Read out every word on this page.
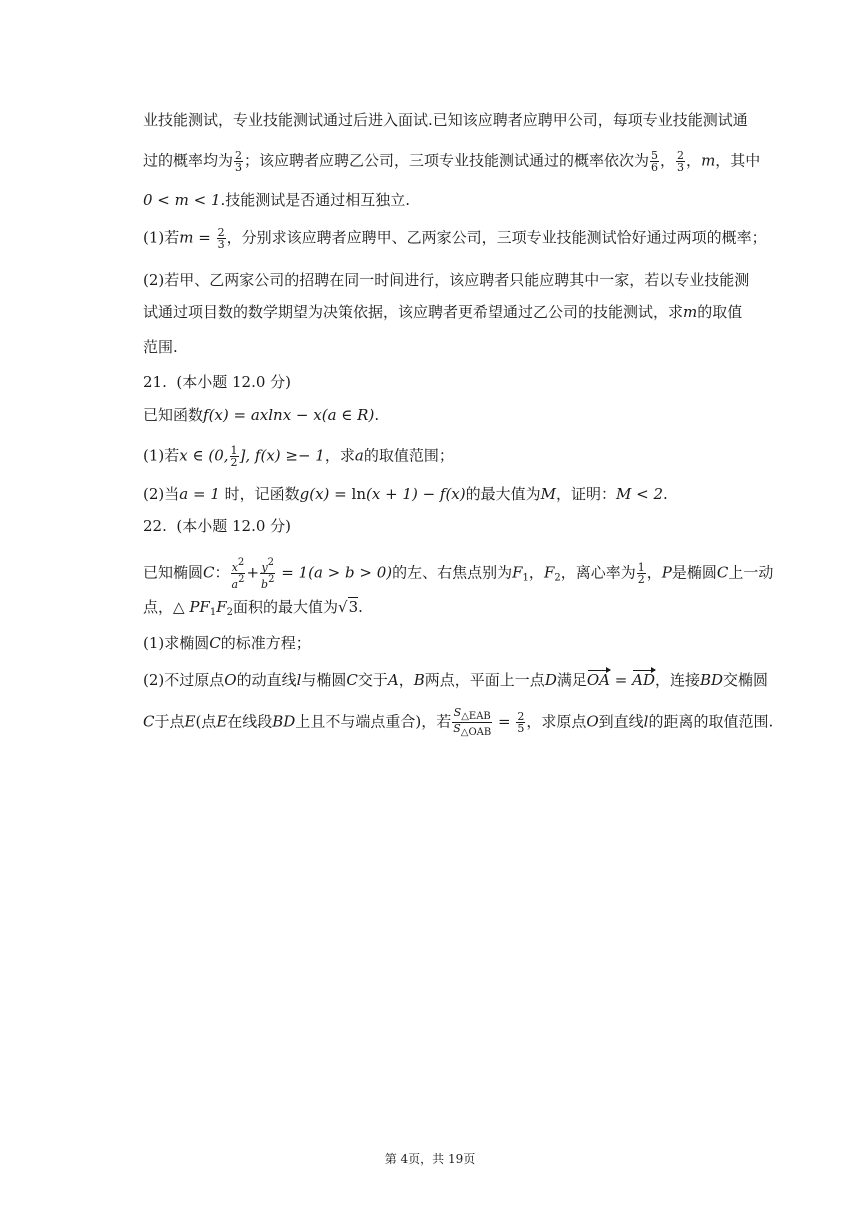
业技能测试，专业技能测试通过后进入面试.已知该应聘者应聘甲公司，每项专业技能测试通
过的概率均为 $\frac{2}{3}$ ；该应聘者应聘乙公司，三项专业技能测试通过的概率依次为 $\frac{5}{6}$ ， $\frac{2}{3}$ ，m，其中
0 < m < 1.技能测试是否通过相互独立.
(1)若$m = \frac{2}{3}$ ，分别求该应聘者应聘甲、乙两家公司，三项专业技能测试恰好通过两项的概率；
(2)若甲、乙两家公司的招聘在同一时间进行，该应聘者只能应聘其中一家，若以专业技能测
试通过项目数的数学期望为决策依据，该应聘者更希望通过乙公司的技能测试，求m的取值
范围.
21.  (本小题 12.0 分)
已知函数f(x) = axlnx − x(a ∈ R).
(1)若x ∈ (0, $\frac{1}{2}$ ], f(x) ≥− 1，求a的取值范围；
(2)当a = 1 时，记函数g(x) = ln(x + 1) − f(x)的最大值为M，证明：M < 2.
22.  (本小题 12.0 分)
已知椭圆C： $\frac{x2}{a2} + \frac{y2}{b2} = 1(a > b > 0)$的左、右焦点别为$F_1$，$F_2$，离心率为 $\frac{1}{2}$ ，P是椭圆C上一动
点，△ $PF_1F_2$面积的最大值为√3.
(1)求椭圆C的标准方程；
(2)不过原点O的动直线l与椭圆C交于A，B两点，平面上一点D满足OA = AD，连接BD交椭圆
C于点E(点E在线段BD上且不与端点重合)，若 $\frac{\text{S△EAB}}{\text{S△OAB}} = \frac{2}{5}$ ，求原点O到直线l的距离的取值范围.
第 4页，共 19页
